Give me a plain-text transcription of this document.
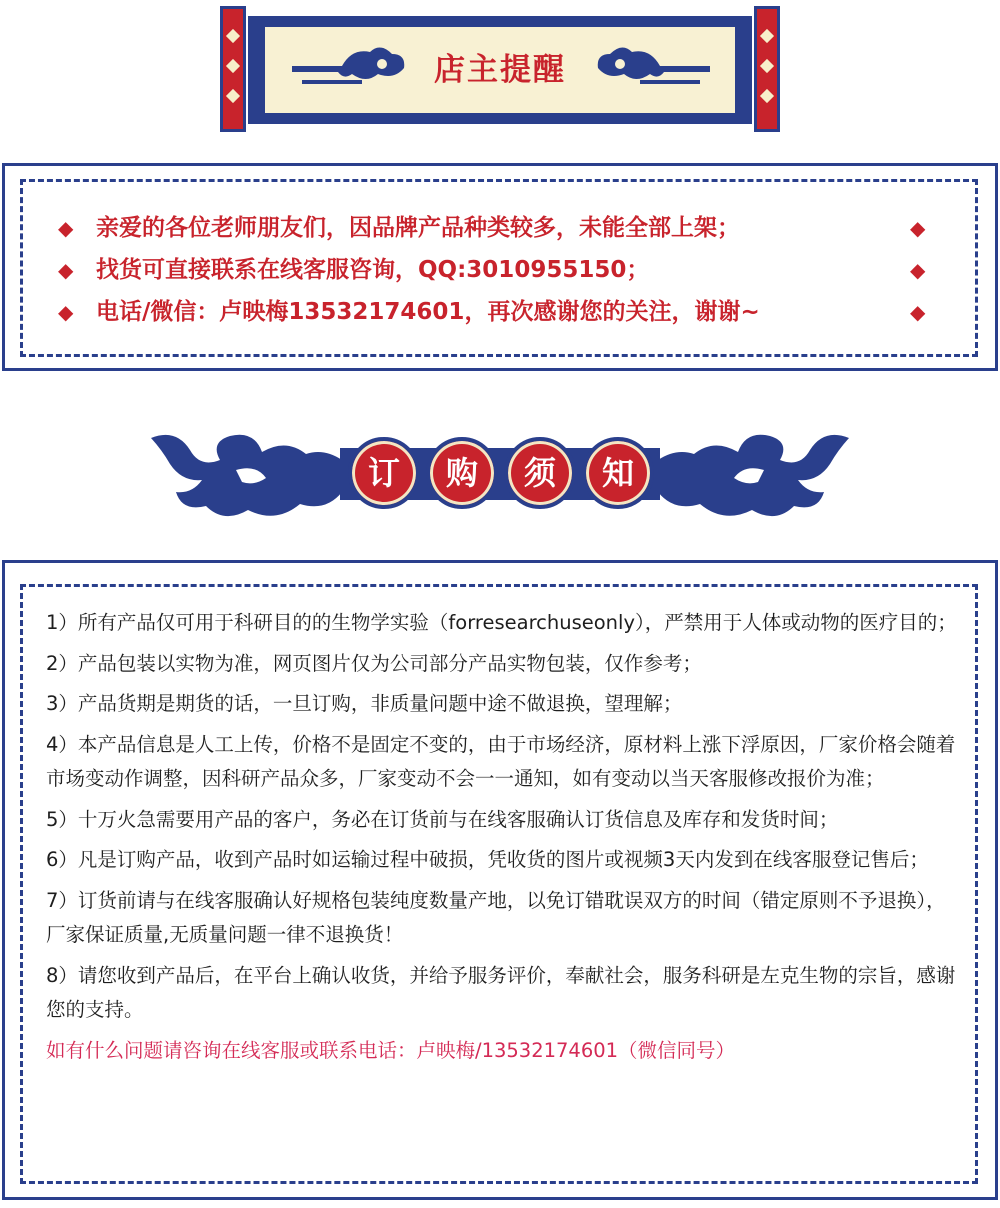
店主提醒
◆ 亲爱的各位老师朋友们，因品牌产品种类较多，未能全部上架；	◆
◆ 找货可直接联系在线客服咨询，QQ:3010955150；	◆
◆ 电话/微信：卢映梅13532174601，再次感谢您的关注，谢谢~	◆
订	购	须	知

1）所有产品仅可用于科研目的的生物学实验（forresearchuseonly），严禁用于人体或动物的医疗目的；

2）产品包装以实物为准，网页图片仅为公司部分产品实物包装，仅作参考；

3）产品货期是期货的话，一旦订购，非质量问题中途不做退换，望理解；

4）本产品信息是人工上传，价格不是固定不变的，由于市场经济，原材料上涨下浮原因，厂家价格会随着市场变动作调整，因科研产品众多，厂家变动不会一一通知，如有变动以当天客服修改报价为准；

5）十万火急需要用产品的客户，务必在订货前与在线客服确认订货信息及库存和发货时间；

6）凡是订购产品，收到产品时如运输过程中破损，凭收货的图片或视频3天内发到在线客服登记售后；

7）订货前请与在线客服确认好规格包装纯度数量产地，以免订错耽误双方的时间（错定原则不予退换），厂家保证质量,无质量问题一律不退换货！

8）请您收到产品后，在平台上确认收货，并给予服务评价，奉献社会，服务科研是左克生物的宗旨，感谢您的支持。

如有什么问题请咨询在线客服或联系电话：卢映梅/13532174601（微信同号）
